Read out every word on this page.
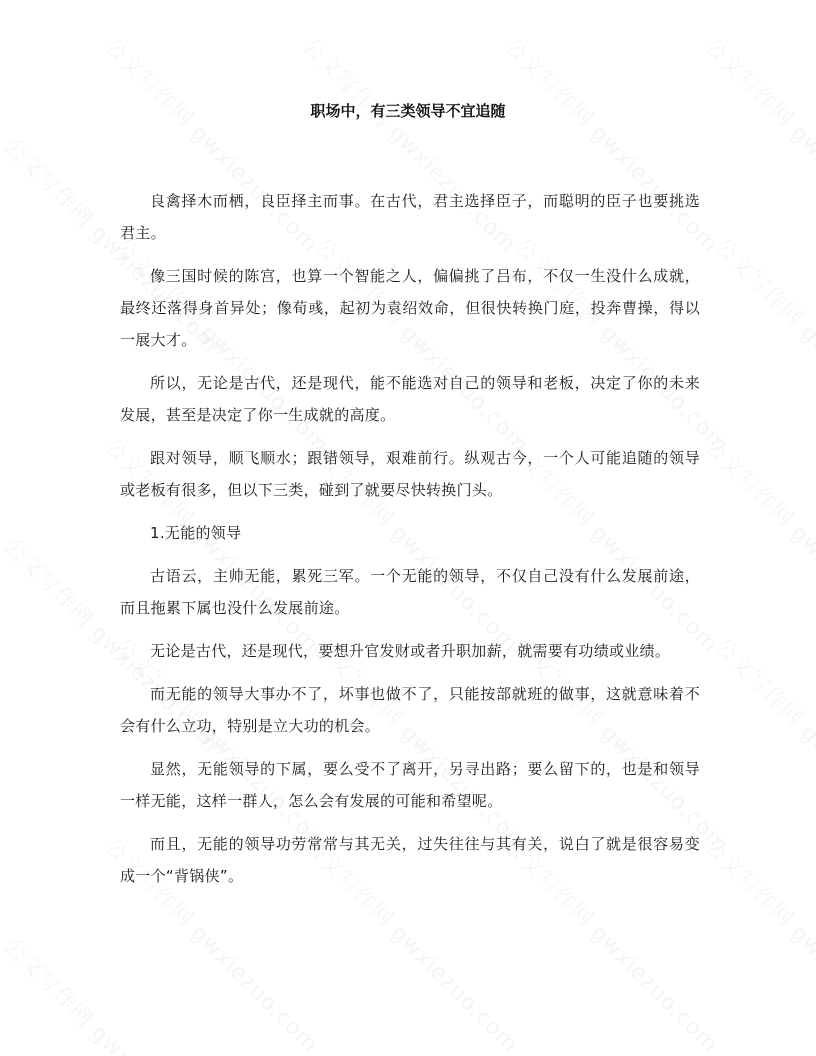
职场中，有三类领导不宜追随

良禽择木而栖，良臣择主而事。在古代，君主选择臣子，而聪明的臣子也要挑选君主。

像三国时候的陈宫，也算一个智能之人，偏偏挑了吕布，不仅一生没什么成就，最终还落得身首异处；像荀彧，起初为袁绍效命，但很快转换门庭，投奔曹操，得以一展大才。

所以，无论是古代，还是现代，能不能选对自己的领导和老板，决定了你的未来发展，甚至是决定了你一生成就的高度。

跟对领导，顺飞顺水；跟错领导，艰难前行。纵观古今，一个人可能追随的领导或老板有很多，但以下三类，碰到了就要尽快转换门头。

1.无能的领导

古语云，主帅无能，累死三军。一个无能的领导，不仅自己没有什么发展前途，而且拖累下属也没什么发展前途。

无论是古代，还是现代，要想升官发财或者升职加薪，就需要有功绩或业绩。

而无能的领导大事办不了，坏事也做不了，只能按部就班的做事，这就意味着不会有什么立功，特别是立大功的机会。

显然，无能领导的下属，要么受不了离开，另寻出路；要么留下的，也是和领导一样无能，这样一群人，怎么会有发展的可能和希望呢。

而且，无能的领导功劳常常与其无关，过失往往与其有关，说白了就是很容易变成一个“背锅侠”。
